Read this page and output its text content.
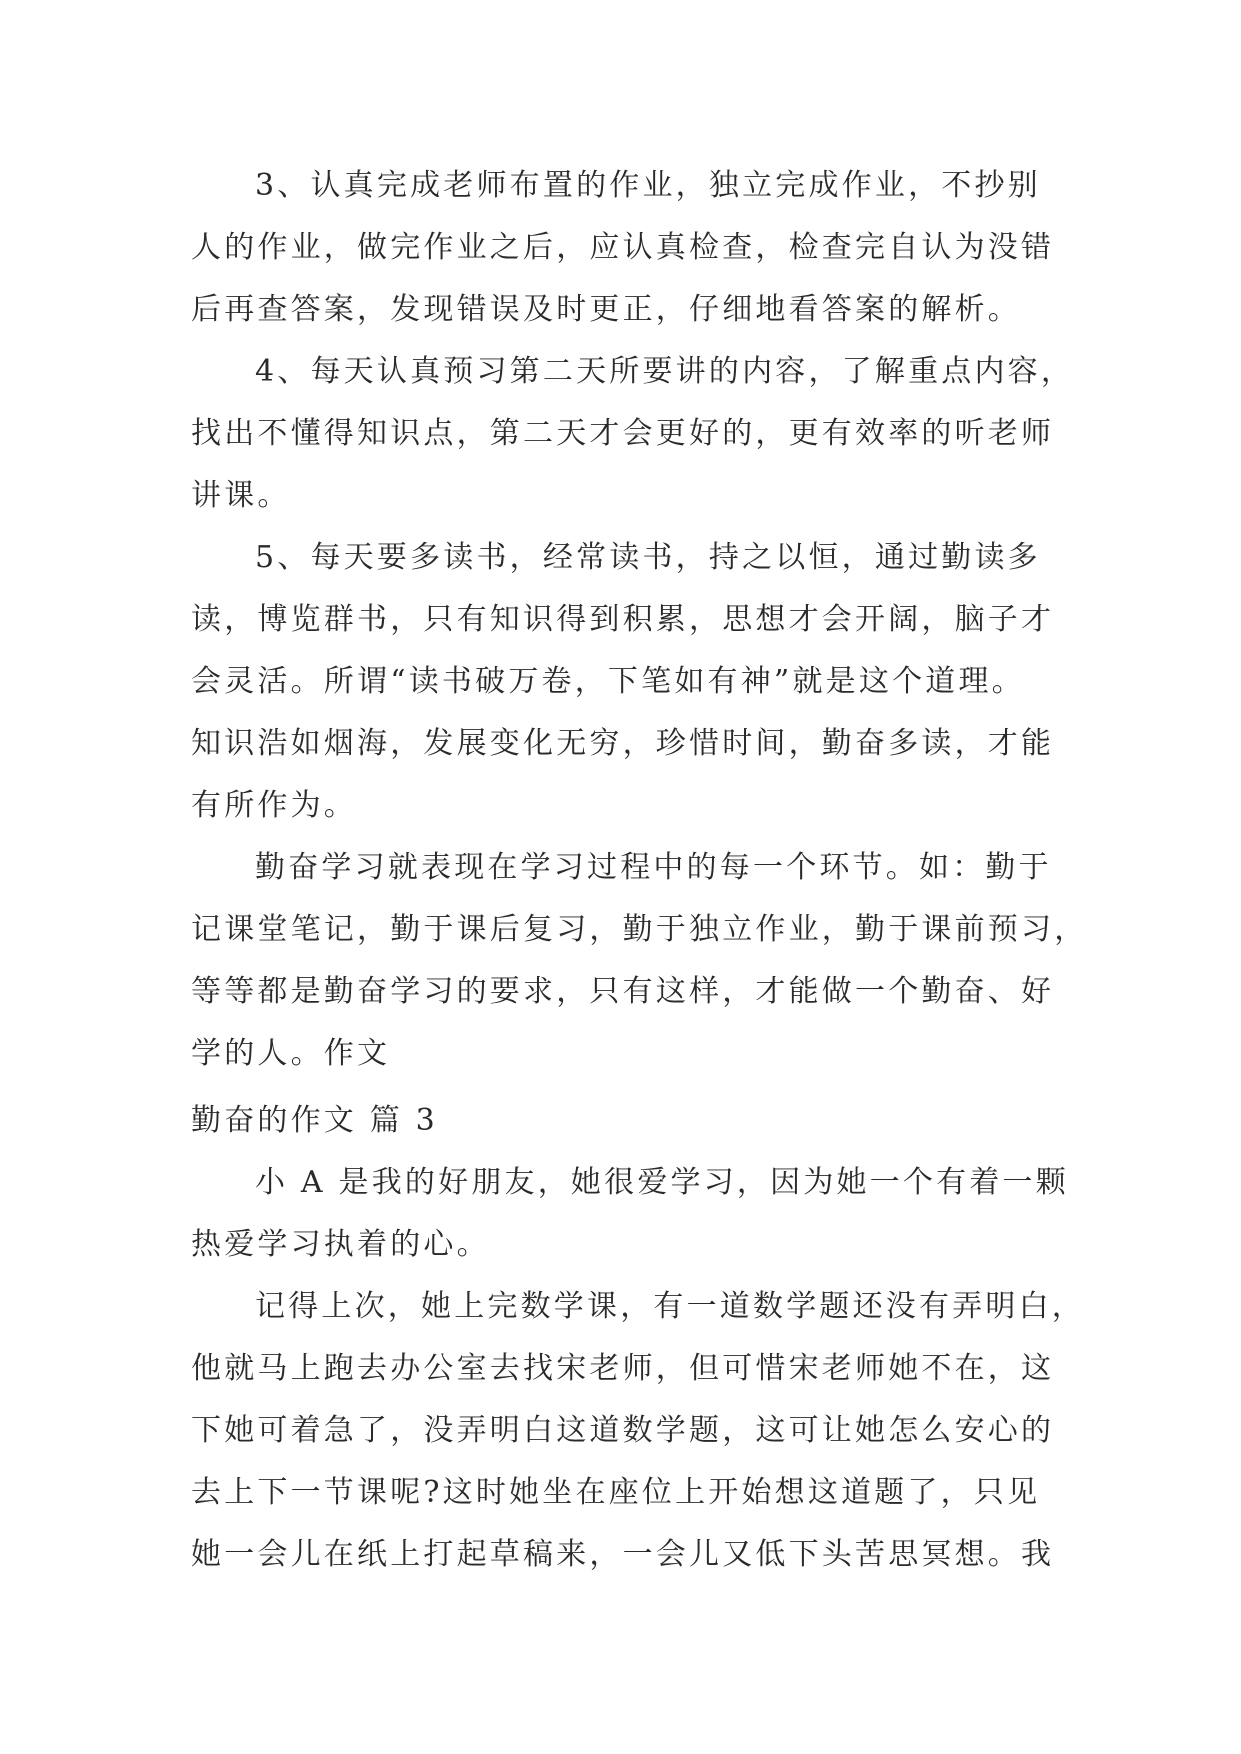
3、认真完成老师布置的作业，独立完成作业，不抄别
人的作业，做完作业之后，应认真检查，检查完自认为没错
后再查答案，发现错误及时更正，仔细地看答案的解析。
4、每天认真预习第二天所要讲的内容，了解重点内容，
找出不懂得知识点，第二天才会更好的，更有效率的听老师
讲课。
5、每天要多读书，经常读书，持之以恒，通过勤读多
读，博览群书，只有知识得到积累，思想才会开阔，脑子才
会灵活。所谓“读书破万卷，下笔如有神”就是这个道理。
知识浩如烟海，发展变化无穷，珍惜时间，勤奋多读，才能
有所作为。
勤奋学习就表现在学习过程中的每一个环节。如：勤于
记课堂笔记，勤于课后复习，勤于独立作业，勤于课前预习，
等等都是勤奋学习的要求，只有这样，才能做一个勤奋、好
学的人。作文
勤奋的作文 篇 3
小 A 是我的好朋友，她很爱学习，因为她一个有着一颗
热爱学习执着的心。
记得上次，她上完数学课，有一道数学题还没有弄明白，
他就马上跑去办公室去找宋老师，但可惜宋老师她不在，这
下她可着急了，没弄明白这道数学题，这可让她怎么安心的
去上下一节课呢?这时她坐在座位上开始想这道题了，只见
她一会儿在纸上打起草稿来，一会儿又低下头苦思冥想。我
